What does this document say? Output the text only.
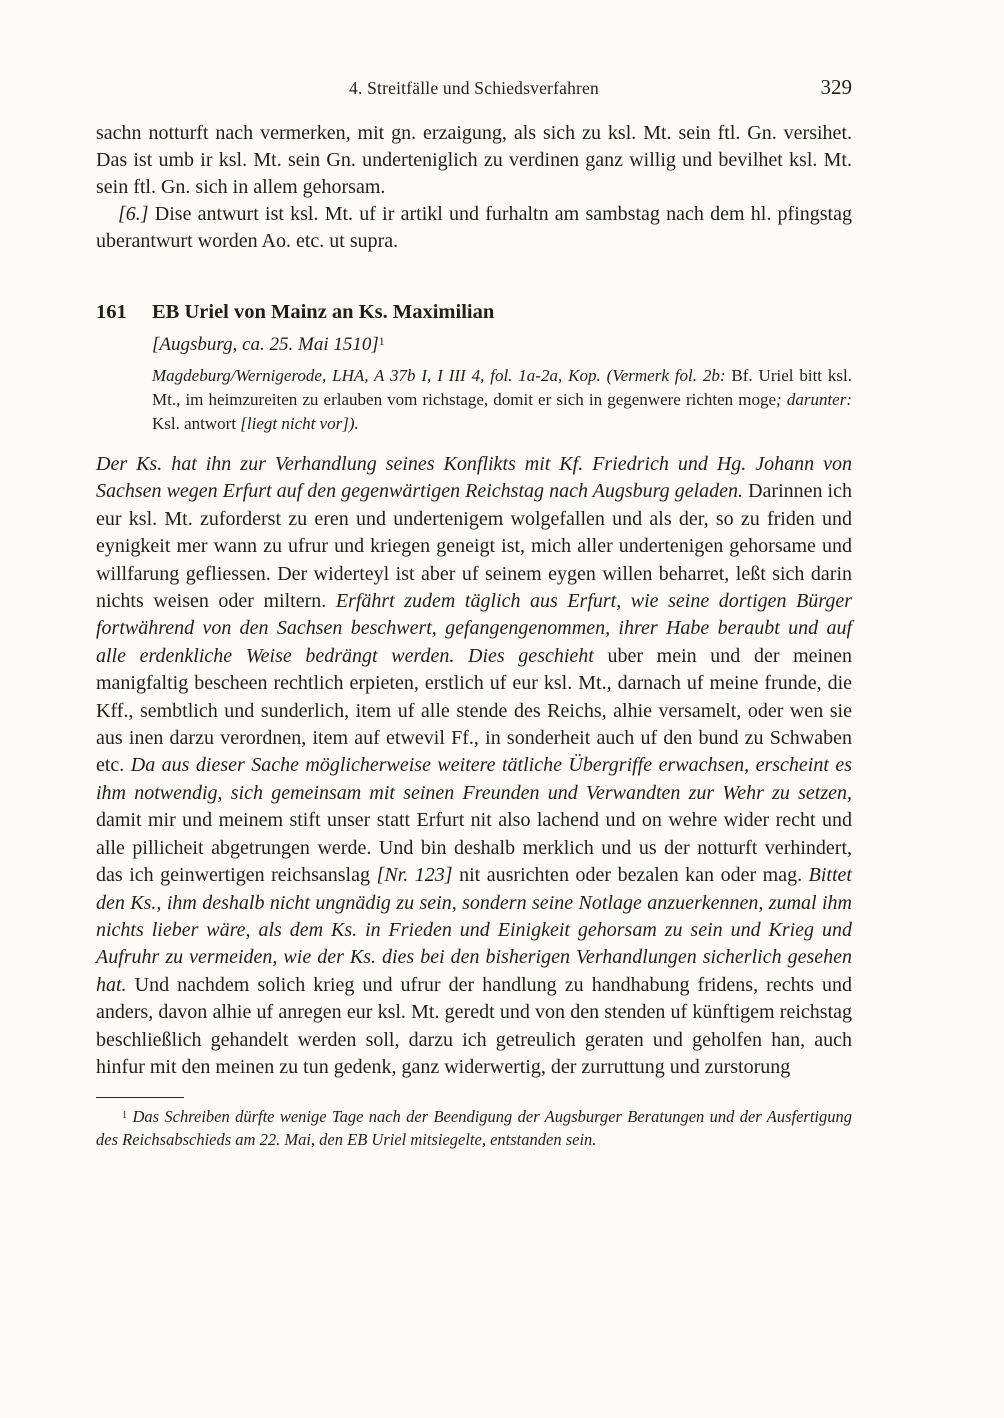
4. Streitfälle und Schiedsverfahren	329

sachn notturft nach vermerken, mit gn. erzaigung, als sich zu ksl. Mt. sein ftl. Gn. versihet. Das ist umb ir ksl. Mt. sein Gn. underteniglich zu verdinen ganz willig und bevilhet ksl. Mt. sein ftl. Gn. sich in allem gehorsam.

[6.] Dise antwurt ist ksl. Mt. uf ir artikl und furhaltn am sambstag nach dem hl. pfingstag uberantwurt worden Ao. etc. ut supra.

161	EB Uriel von Mainz an Ks. Maximilian

[Augsburg, ca. 25. Mai 1510]$^1$

Magdeburg/Wernigerode, LHA, A 37b I, I III 4, fol. 1a-2a, Kop. (Vermerk fol. 2b: Bf. Uriel bitt ksl. Mt., im heimzureiten zu erlauben vom richstage, domit er sich in gegenwere richten moge; darunter: Ksl. antwort [liegt nicht vor]).

Der Ks. hat ihn zur Verhandlung seines Konflikts mit Kf. Friedrich und Hg. Johann von Sachsen wegen Erfurt auf den gegenwärtigen Reichstag nach Augsburg geladen. Darinnen ich eur ksl. Mt. zuforderst zu eren und undertenigem wolgefallen und als der, so zu friden und eynigkeit mer wann zu ufrur und kriegen geneigt ist, mich aller undertenigen gehorsame und willfarung gefliessen. Der widerteyl ist aber uf seinem eygen willen beharret, leßt sich darin nichts weisen oder miltern. Erfährt zudem täglich aus Erfurt, wie seine dortigen Bürger fortwährend von den Sachsen beschwert, gefangengenommen, ihrer Habe beraubt und auf alle erdenkliche Weise bedrängt werden. Dies geschieht uber mein und der meinen manigfaltig bescheen rechtlich erpieten, erstlich uf eur ksl. Mt., darnach uf meine frunde, die Kff., sembtlich und sunderlich, item uf alle stende des Reichs, alhie versamelt, oder wen sie aus inen darzu verordnen, item auf etwevil Ff., in sonderheit auch uf den bund zu Schwaben etc. Da aus dieser Sache möglicherweise weitere tätliche Übergriffe erwachsen, erscheint es ihm notwendig, sich gemeinsam mit seinen Freunden und Verwandten zur Wehr zu setzen, damit mir und meinem stift unser statt Erfurt nit also lachend und on wehre wider recht und alle pillicheit abgetrungen werde. Und bin deshalb merklich und us der notturft verhindert, das ich geinwertigen reichsanslag [Nr. 123] nit ausrichten oder bezalen kan oder mag. Bittet den Ks., ihm deshalb nicht ungnädig zu sein, sondern seine Notlage anzuerkennen, zumal ihm nichts lieber wäre, als dem Ks. in Frieden und Einigkeit gehorsam zu sein und Krieg und Aufruhr zu vermeiden, wie der Ks. dies bei den bisherigen Verhandlungen sicherlich gesehen hat. Und nachdem solich krieg und ufrur der handlung zu handhabung fridens, rechts und anders, davon alhie uf anregen eur ksl. Mt. geredt und von den stenden uf künftigem reichstag beschließlich gehandelt werden soll, darzu ich getreulich geraten und geholfen han, auch hinfur mit den meinen zu tun gedenk, ganz widerwertig, der zurruttung und zurstorung

$^1$ Das Schreiben dürfte wenige Tage nach der Beendigung der Augsburger Beratungen und der Ausfertigung des Reichsabschieds am 22. Mai, den EB Uriel mitsiegelte, entstanden sein.
